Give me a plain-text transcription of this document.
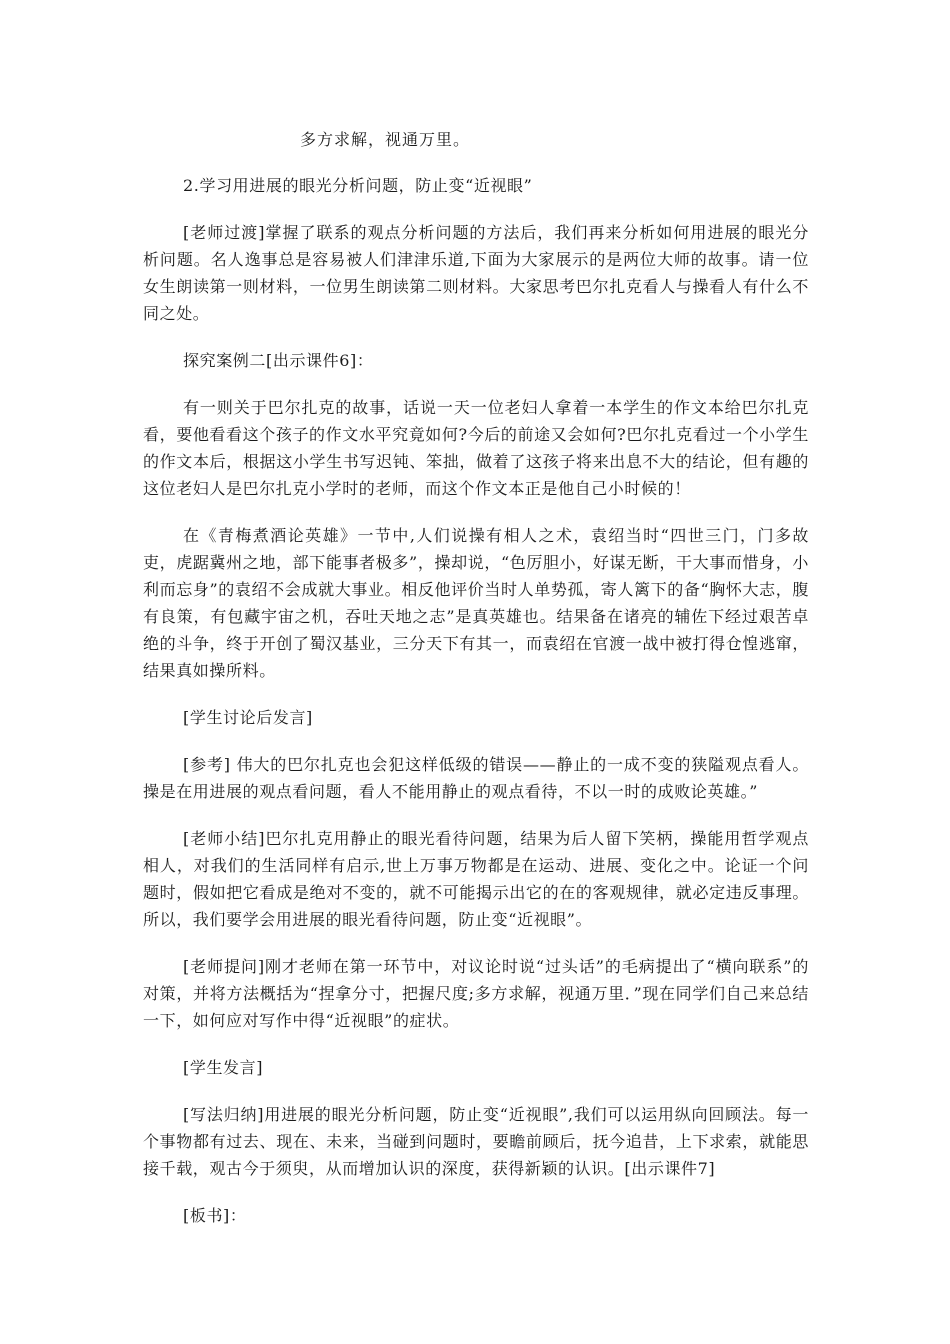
多方求解，视通万里。

2.学习用进展的眼光分析问题，防止变“近视眼”

[老师过渡]掌握了联系的观点分析问题的方法后，我们再来分析如何用进展的眼光分析问题。名人逸事总是容易被人们津津乐道,下面为大家展示的是两位大师的故事。请一位女生朗读第一则材料，一位男生朗读第二则材料。大家思考巴尔扎克看人与操看人有什么不同之处。

探究案例二[出示课件6]：

有一则关于巴尔扎克的故事，话说一天一位老妇人拿着一本学生的作文本给巴尔扎克看，要他看看这个孩子的作文水平究竟如何?今后的前途又会如何?巴尔扎克看过一个小学生的作文本后，根据这小学生书写迟钝、笨拙，做着了这孩子将来出息不大的结论，但有趣的这位老妇人是巴尔扎克小学时的老师，而这个作文本正是他自己小时候的！

在《青梅煮酒论英雄》一节中,人们说操有相人之术，袁绍当时“四世三门，门多故吏，虎踞冀州之地，部下能事者极多”，操却说，“色厉胆小，好谋无断，干大事而惜身，小利而忘身”的袁绍不会成就大事业。相反他评价当时人单势孤，寄人篱下的备“胸怀大志，腹有良策，有包藏宇宙之机，吞吐天地之志”是真英雄也。结果备在诸亮的辅佐下经过艰苦卓绝的斗争，终于开创了蜀汉基业，三分天下有其一，而袁绍在官渡一战中被打得仓惶逃窜，结果真如操所料。

[学生讨论后发言]

[参考] 伟大的巴尔扎克也会犯这样低级的错误——静止的一成不变的狭隘观点看人。操是在用进展的观点看问题，看人不能用静止的观点看待，不以一时的成败论英雄。”

[老师小结]巴尔扎克用静止的眼光看待问题，结果为后人留下笑柄，操能用哲学观点相人，对我们的生活同样有启示,世上万事万物都是在运动、进展、变化之中。论证一个问题时，假如把它看成是绝对不变的，就不可能揭示出它的在的客观规律，就必定违反事理。所以，我们要学会用进展的眼光看待问题，防止变“近视眼”。

[老师提问]刚才老师在第一环节中，对议论时说“过头话”的毛病提出了“横向联系”的对策，并将方法概括为“捏拿分寸，把握尺度;多方求解，视通万里．”现在同学们自己来总结一下，如何应对写作中得“近视眼”的症状。

[学生发言]

[写法归纳]用进展的眼光分析问题，防止变“近视眼”,我们可以运用纵向回顾法。每一个事物都有过去、现在、未来，当碰到问题时，要瞻前顾后，抚今追昔，上下求索，就能思接千载，观古今于须臾，从而增加认识的深度，获得新颖的认识。[出示课件7]

[板书]：
